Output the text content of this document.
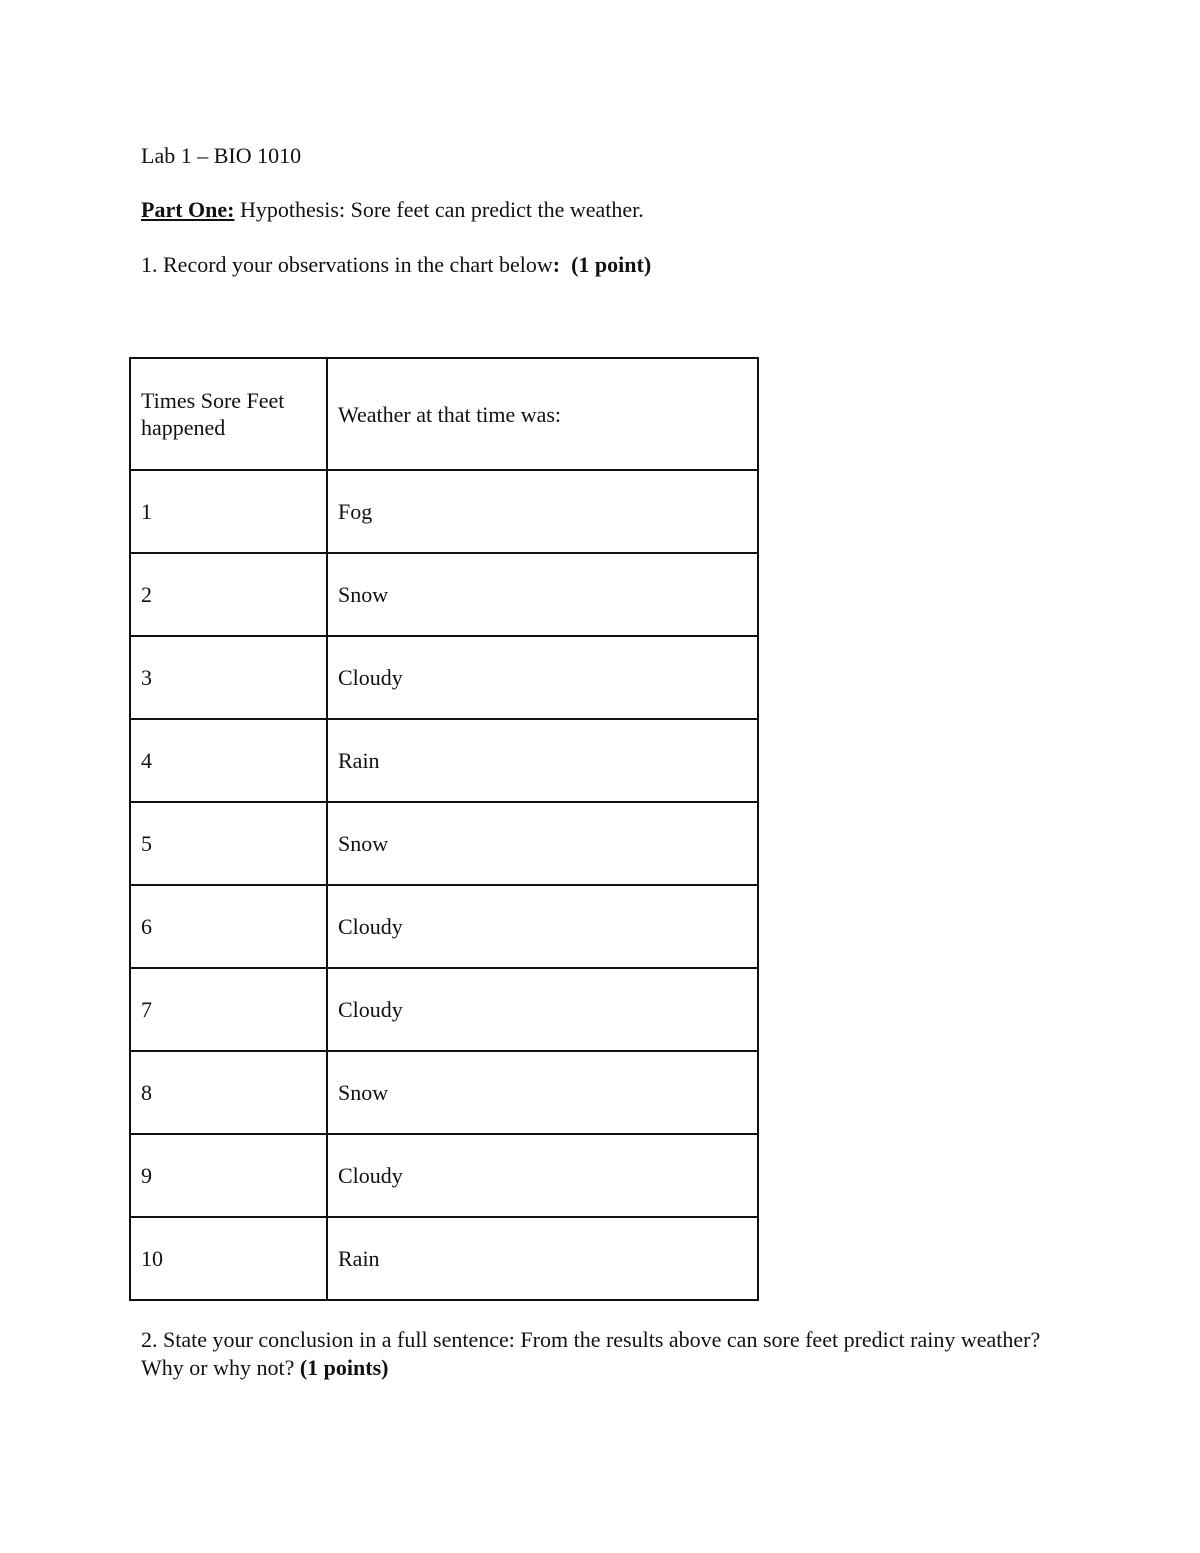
Lab 1 – BIO 1010
Part One: Hypothesis: Sore feet can predict the weather.
1. Record your observations in the chart below: (1 point)
Times Sore Feet happened	Weather at that time was:
1	Fog
2	Snow
3	Cloudy
4	Rain
5	Snow
6	Cloudy
7	Cloudy
8	Snow
9	Cloudy
10	Rain
2. State your conclusion in a full sentence: From the results above can sore feet predict rainy weather? Why or why not? (1 points)
